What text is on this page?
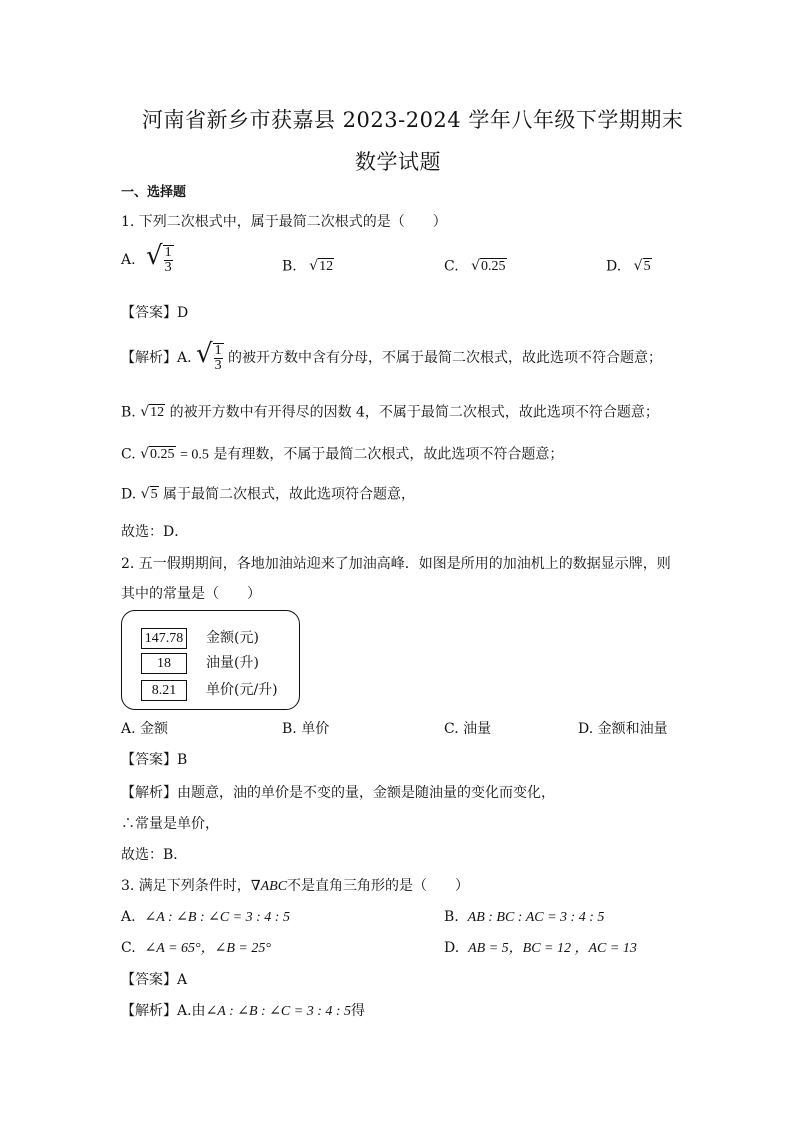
河南省新乡市获嘉县 2023-2024 学年八年级下学期期末
数学试题
一、选择题
1. 下列二次根式中，属于最简二次根式的是（　　）
A. √ $\frac{1}{3}$	B. √12	C. √0.25	D. √5
【答案】D
【解析】A. √ $\frac{1}{3}$ 的被开方数中含有分母，不属于最简二次根式，故此选项不符合题意；
B. √12 的被开方数中有开得尽的因数 4，不属于最简二次根式，故此选项不符合题意；
C. √0.25 = 0.5 是有理数，不属于最简二次根式，故此选项不符合题意；
D. √5 属于最简二次根式，故此选项符合题意，
故选：D．
2. 五一假期期间，各地加油站迎来了加油高峰．如图是所用的加油机上的数据显示牌，则
其中的常量是（　　）
147.78 金额(元)
18	油量(升)
8.21	单价(元/升)
A. 金额	B. 单价	C. 油量	D. 金额和油量
【答案】B
【解析】由题意，油的单价是不变的量，金额是随油量的变化而变化，
∴常量是单价，
故选：B．
3. 满足下列条件时，∇ABC不是直角三角形的是（　　）
A. ∠A : ∠B : ∠C = 3 : 4 : 5	B. AB : BC : AC = 3 : 4 : 5
C. ∠A = 65°，∠B = 25°	D. AB = 5，BC = 12 ，AC = 13
【答案】A
【解析】A.由∠A : ∠B : ∠C = 3 : 4 : 5得
